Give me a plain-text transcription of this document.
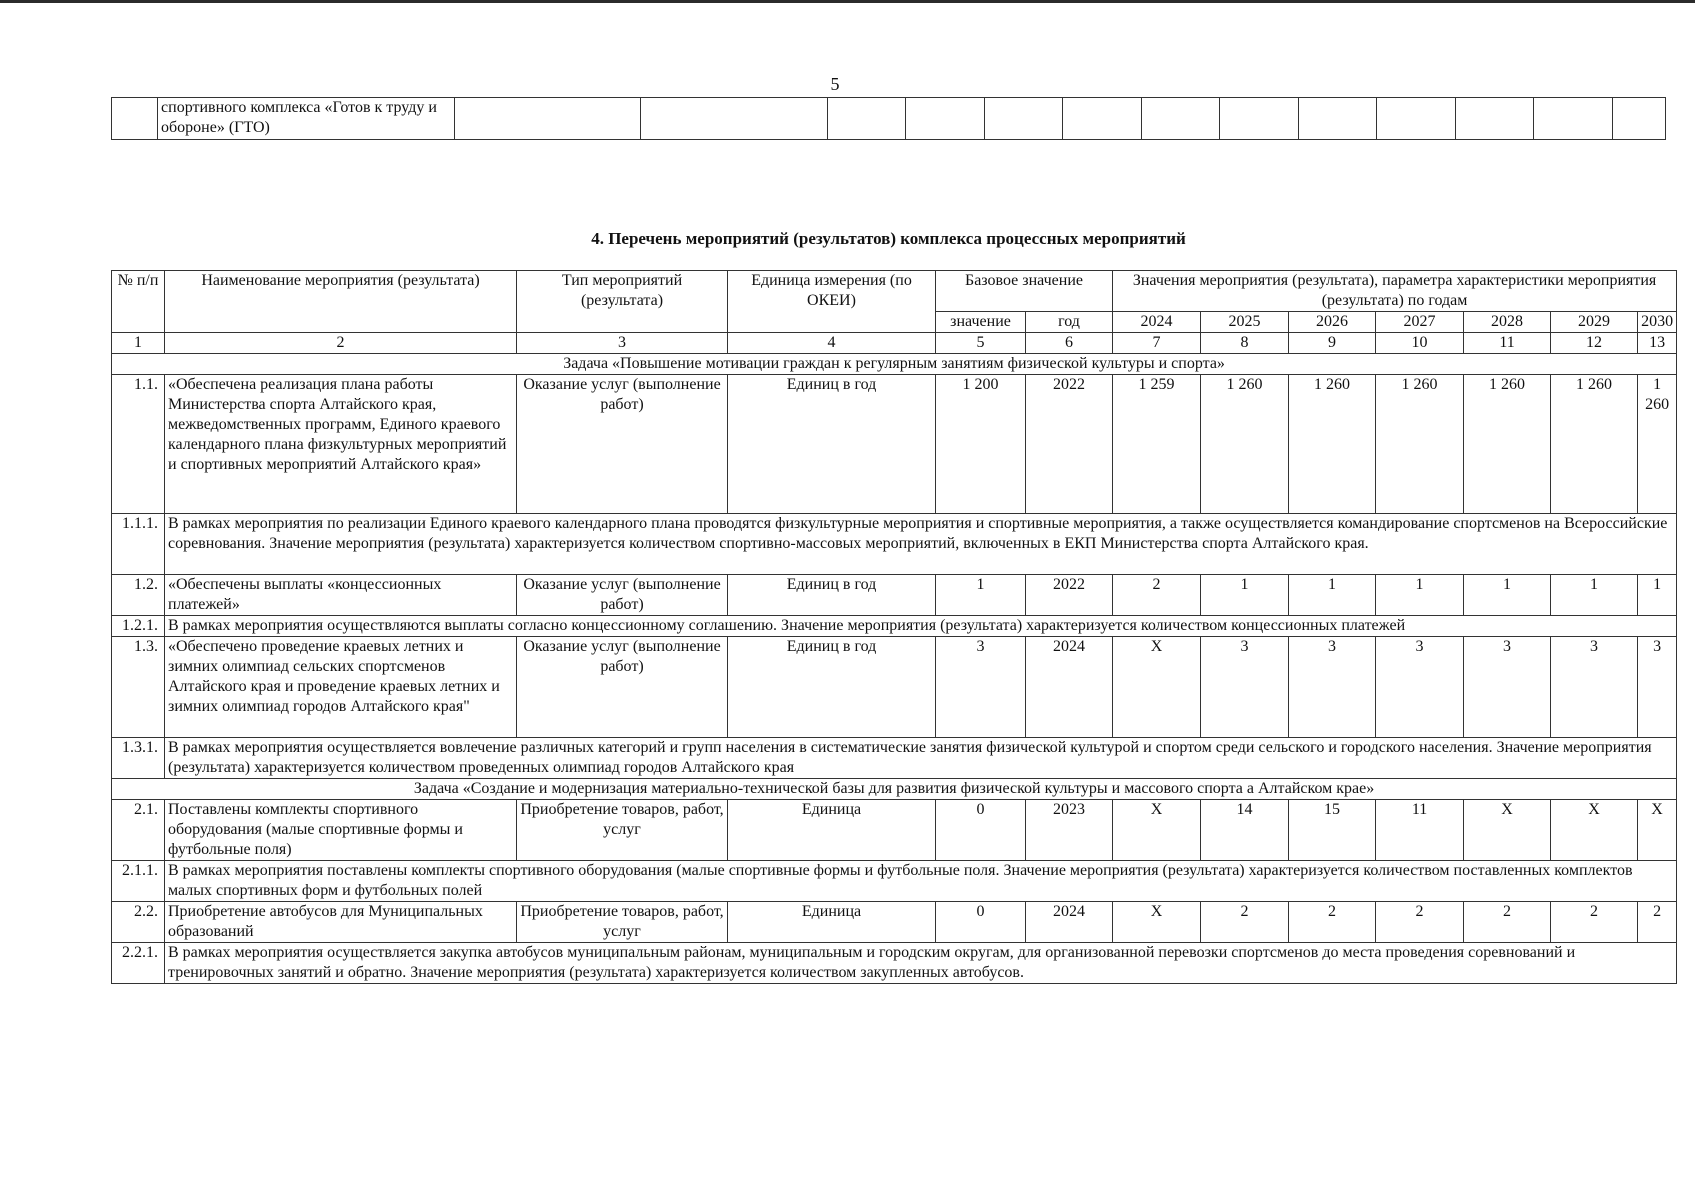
5
	спортивного комплекса «Готов к труду и обороне» (ГТО)													
4. Перечень мероприятий (результатов) комплекса процессных мероприятий
№ п/п	Наименование мероприятия (результата)	Тип мероприятий (результата)	Единица измерения (по ОКЕИ)	Базовое значение		Значения мероприятия (результата), параметра характеристики мероприятия (результата) по годам						
				значение	год	2024	2025	2026	2027	2028	2029	2030
1	2	3	4	5	6	7	8	9	10	11	12	13
Задача «Повышение мотивации граждан к регулярным занятиям физической культуры и спорта»												
1.1.	«Обеспечена реализация плана работы Министерства спорта Алтайского края, межведомственных программ, Единого краевого календарного плана физкультурных мероприятий и спортивных мероприятий Алтайского края»	Оказание услуг (выполнение работ)	Единиц в год	1 200	2022	1 259	1 260	1 260	1 260	1 260	1 260	1 260
1.1.1.	В рамках мероприятия по реализации Единого краевого календарного плана проводятся физкультурные мероприятия и спортивные мероприятия, а также осуществляется командирование спортсменов на Всероссийские соревнования. Значение мероприятия (результата) характеризуется количеством спортивно-массовых мероприятий, включенных в ЕКП Министерства спорта Алтайского края.											
1.2.	«Обеспечены выплаты «концессионных платежей»	Оказание услуг (выполнение работ)	Единиц в год	1	2022	2	1	1	1	1	1	1
1.2.1.	В рамках мероприятия осуществляются выплаты согласно концессионному соглашению. Значение мероприятия (результата) характеризуется количеством концессионных платежей											
1.3.	«Обеспечено проведение краевых летних и зимних олимпиад сельских спортсменов Алтайского края и проведение краевых летних и зимних олимпиад городов Алтайского края"	Оказание услуг (выполнение работ)	Единиц в год	3	2024	X	3	3	3	3	3	3
1.3.1.	В рамках мероприятия осуществляется вовлечение различных категорий и групп населения в систематические занятия физической культурой и спортом среди сельского и городского населения. Значение мероприятия (результата) характеризуется количеством проведенных олимпиад городов Алтайского края											
Задача «Создание и модернизация материально-технической базы для развития физической культуры и массового спорта а Алтайском крае»												
2.1.	Поставлены комплекты спортивного оборудования (малые спортивные формы и футбольные поля)	Приобретение товаров, работ, услуг	Единица	0	2023	X	14	15	11	X	X	X
2.1.1.	В рамках мероприятия поставлены комплекты спортивного оборудования (малые спортивные формы и футбольные поля. Значение мероприятия (результата) характеризуется количеством поставленных комплектов малых спортивных форм и футбольных полей											
2.2.	Приобретение автобусов для Муниципальных образований	Приобретение товаров, работ, услуг	Единица	0	2024	X	2	2	2	2	2	2
2.2.1.	В рамках мероприятия осуществляется закупка автобусов муниципальным районам, муниципальным и городским округам, для организованной перевозки спортсменов до места проведения соревнований и тренировочных занятий и обратно. Значение мероприятия (результата) характеризуется количеством закупленных автобусов.											
